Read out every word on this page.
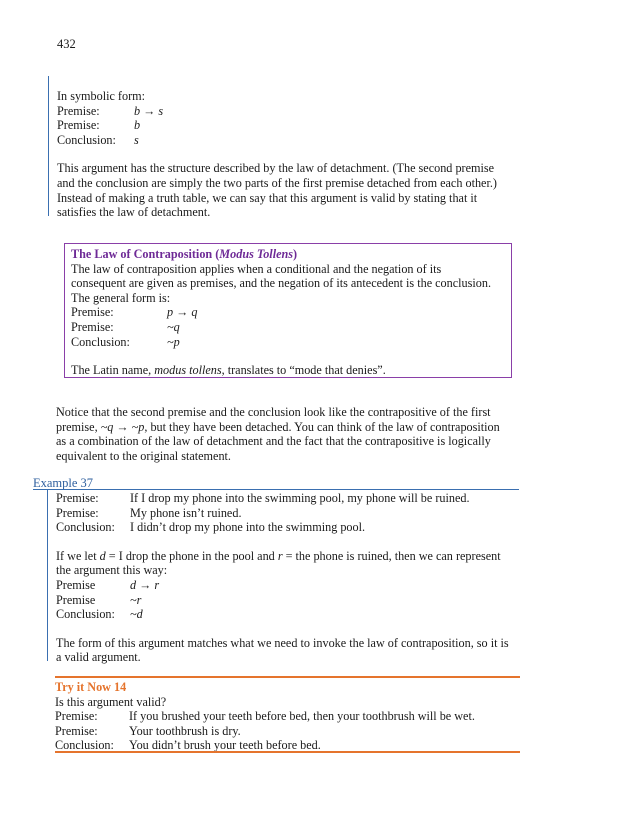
432

In symbolic form:

Premise:	b → s
Premise:	b
Conclusion:	s

This argument has the structure described by the law of detachment. (The second premise

and the conclusion are simply the two parts of the first premise detached from each other.)

Instead of making a truth table, we can say that this argument is valid by stating that it

satisfies the law of detachment.

The Law of Contraposition (Modus Tollens)

The law of contraposition applies when a conditional and the negation of its

consequent are given as premises, and the negation of its antecedent is the conclusion.

The general form is:

Premise:	p → q
Premise:	~q
Conclusion:	~p

The Latin name, modus tollens, translates to “mode that denies”.

Notice that the second premise and the conclusion look like the contrapositive of the first

premise, ~q → ~p, but they have been detached. You can think of the law of contraposition

as a combination of the law of detachment and the fact that the contrapositive is logically

equivalent to the original statement.

Example 37
Premise:	If I drop my phone into the swimming pool, my phone will be ruined.
Premise:	My phone isn’t ruined.
Conclusion:	I didn’t drop my phone into the swimming pool.

If we let d = I drop the phone in the pool and r = the phone is ruined, then we can represent

the argument this way:

Premise	d → r
Premise	~r
Conclusion:	~d

The form of this argument matches what we need to invoke the law of contraposition, so it is

a valid argument.

Try it Now 14

Is this argument valid?

Premise:	If you brushed your teeth before bed, then your toothbrush will be wet.
Premise:	Your toothbrush is dry.
Conclusion:	You didn’t brush your teeth before bed.
